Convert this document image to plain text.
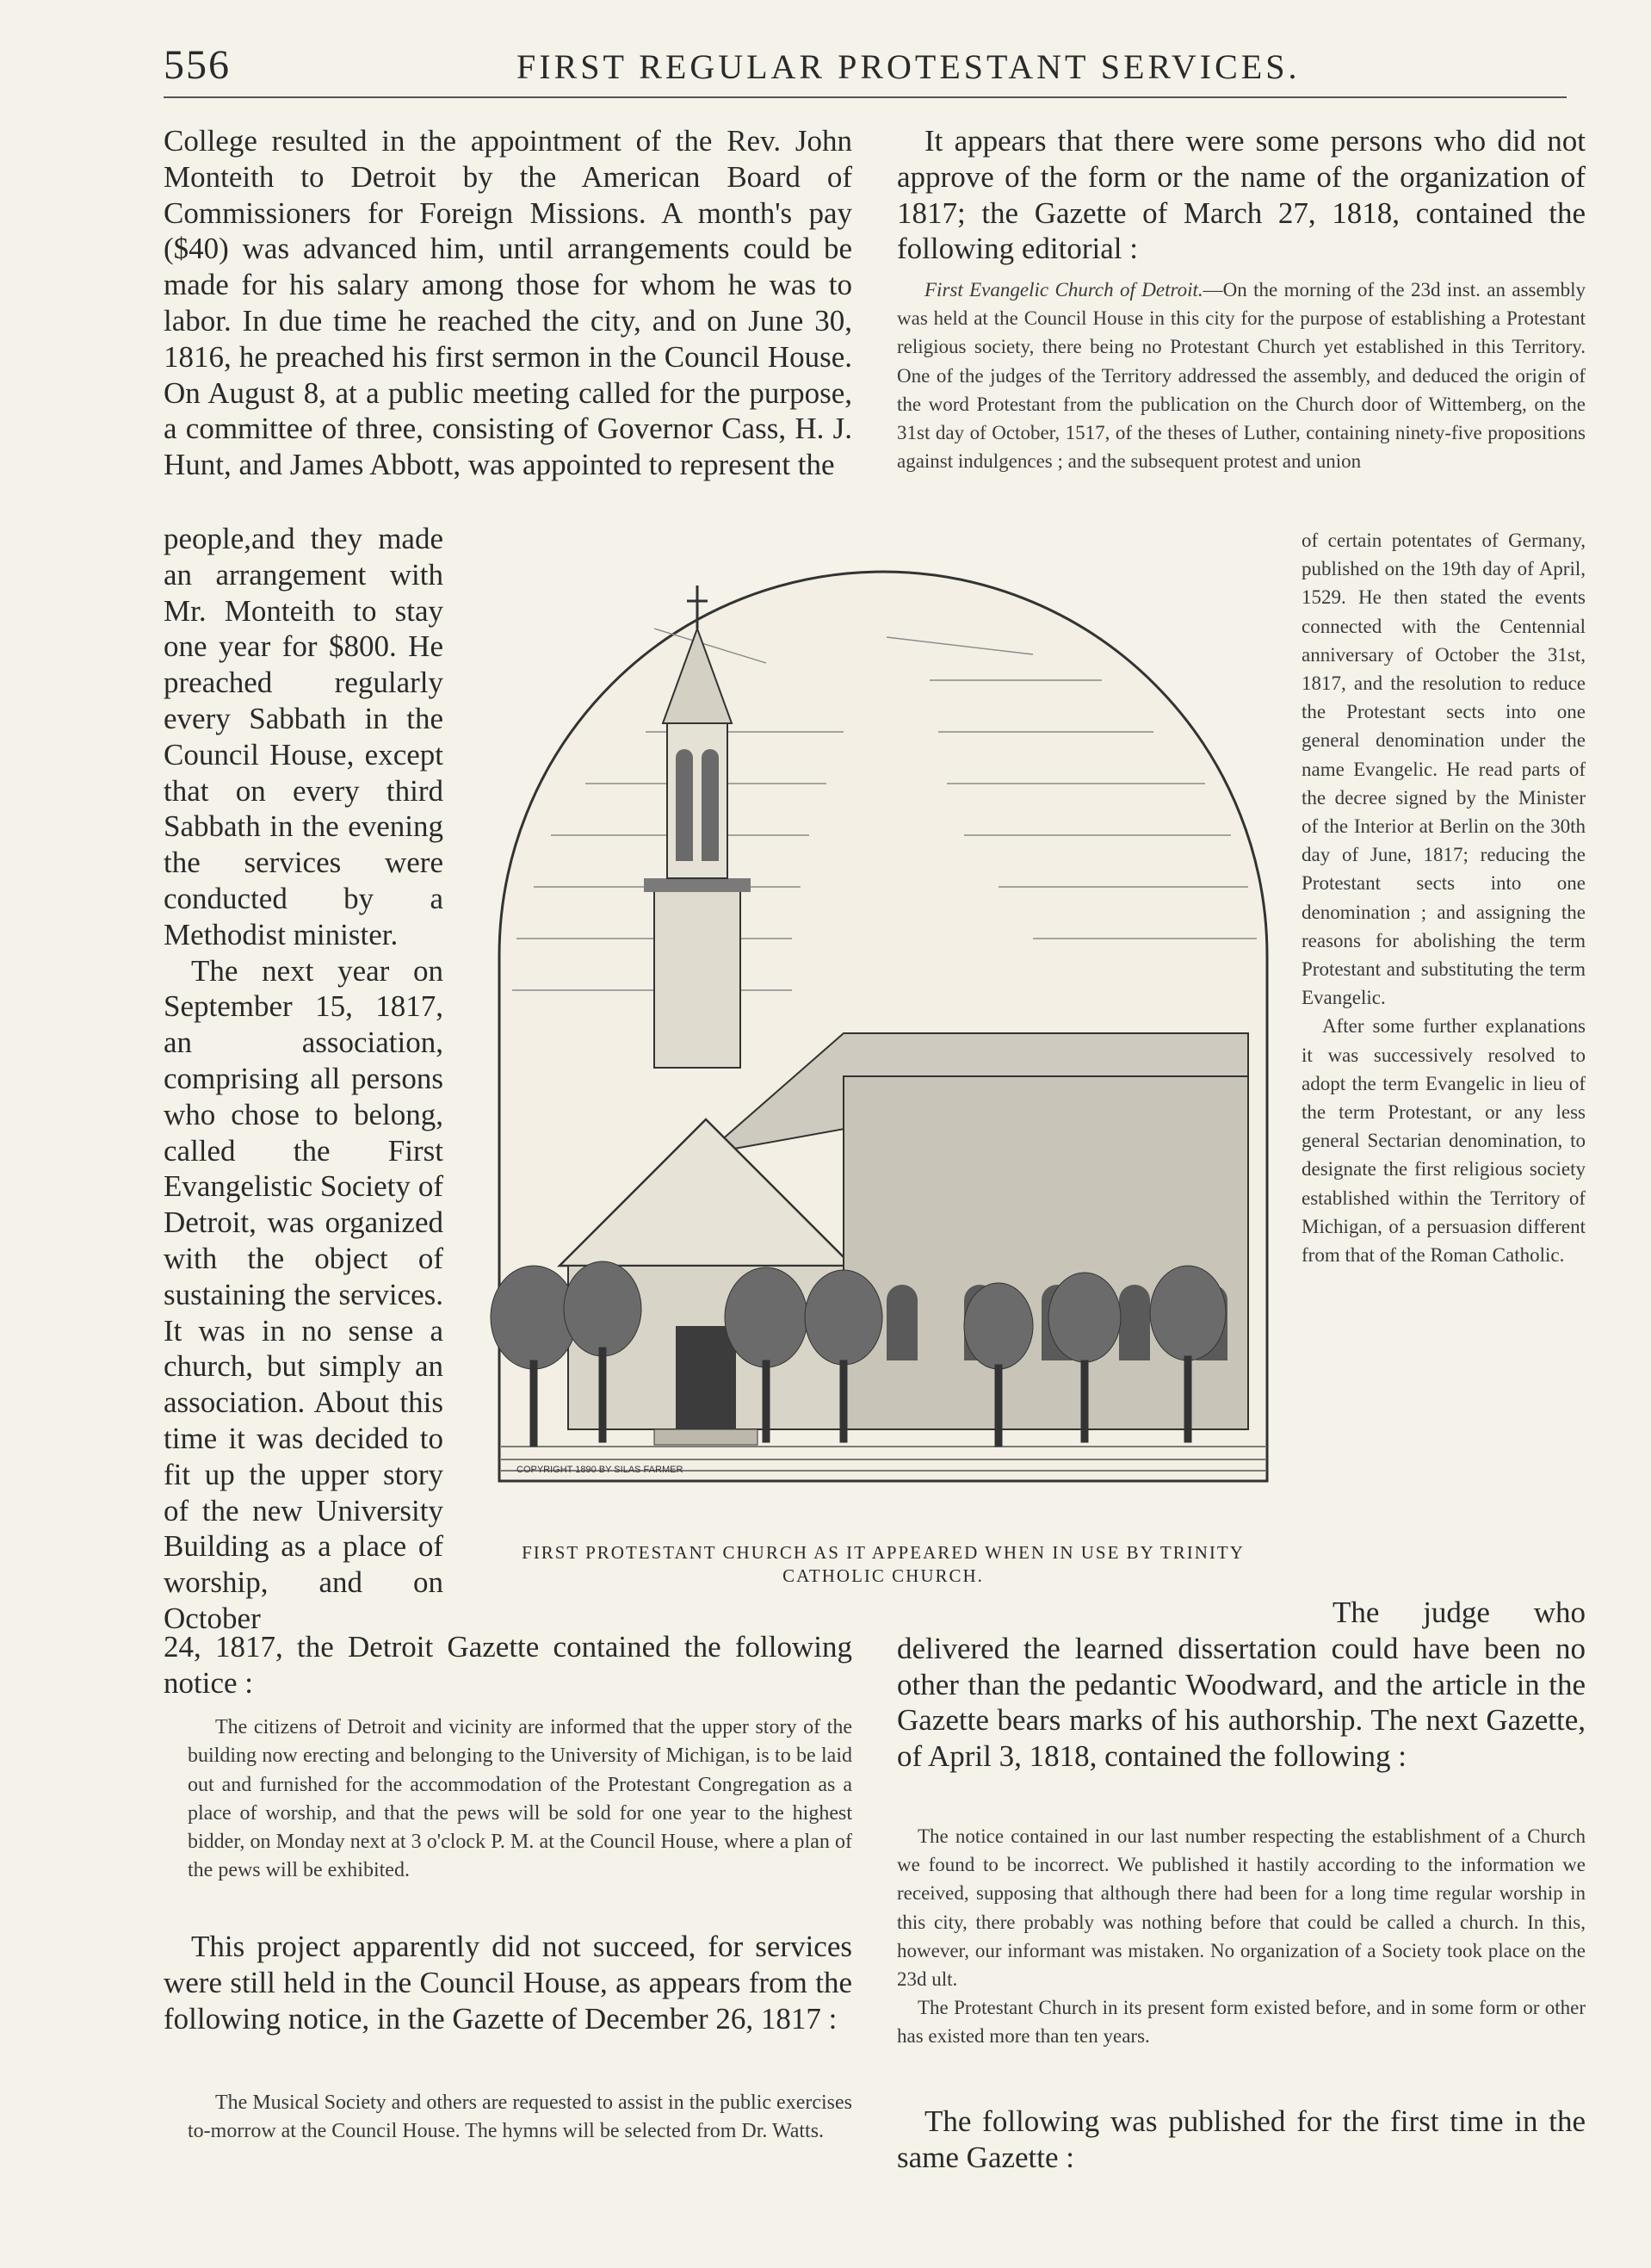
556	FIRST REGULAR PROTESTANT SERVICES.

College resulted in the appointment of the Rev. John Monteith to Detroit by the American Board of Commissioners for Foreign Missions. A month's pay ($40) was advanced him, until arrangements could be made for his salary among those for whom he was to labor. In due time he reached the city, and on June 30, 1816, he preached his first sermon in the Council House. On August 8, at a public meeting called for the purpose, a committee of three, consisting of Governor Cass, H. J. Hunt, and James Abbott, was appointed to represent the

people,and they made an arrangement with Mr. Monteith to stay one year for $800. He preached regularly every Sabbath in the Council House, except that on every third Sabbath in the evening the services were conducted by a Methodist minister.
The next year on September 15, 1817, an association, comprising all persons who chose to belong, called the First Evangelistic Society of Detroit, was organized with the object of sustaining the services. It was in no sense a church, but simply an association. About this time it was decided to fit up the upper story of the new University Building as a place of worship, and on October

24, 1817, the Detroit Gazette contained the following notice :

The citizens of Detroit and vicinity are informed that the upper story of the building now erecting and belonging to the University of Michigan, is to be laid out and furnished for the accommodation of the Protestant Congregation as a place of worship, and that the pews will be sold for one year to the highest bidder, on Monday next at 3 o'clock P. M. at the Council House, where a plan of the pews will be exhibited.

This project apparently did not succeed, for services were still held in the Council House, as appears from the following notice, in the Gazette of December 26, 1817 :

The Musical Society and others are requested to assist in the public exercises to-morrow at the Council House. The hymns will be selected from Dr. Watts.

It appears that there were some persons who did not approve of the form or the name of the organization of 1817; the Gazette of March 27, 1818, contained the following editorial :

First Evangelic Church of Detroit.—On the morning of the 23d inst. an assembly was held at the Council House in this city for the purpose of establishing a Protestant religious society, there being no Protestant Church yet established in this Territory. One of the judges of the Territory addressed the assembly, and deduced the origin of the word Protestant from the publication on the Church door of Wittemberg, on the 31st day of October, 1517, of the theses of Luther, containing ninety-five propositions against indulgences ; and the subsequent protest and union

of certain potentates of Germany, published on the 19th day of April, 1529. He then stated the events connected with the Centennial anniversary of October the 31st, 1817, and the resolution to reduce the Protestant sects into one general denomination under the name Evangelic. He read parts of the decree signed by the Minister of the Interior at Berlin on the 30th day of June, 1817; reducing the Protestant sects into one denomination ; and assigning the reasons for abolishing the term Protestant and substituting the term Evangelic.
After some further explanations it was successively resolved to adopt the term Evangelic in lieu of the term Protestant, or any less general Sectarian denomination, to designate the first religious society established within the Territory of Michigan, of a persuasion different from that of the Roman Catholic.

The judge who delivered the learned dissertation could have been no other than the pedantic Woodward, and the article in the Gazette bears marks of his authorship. The next Gazette, of April 3, 1818, contained the following :

The notice contained in our last number respecting the establishment of a Church we found to be incorrect. We published it hastily according to the information we received, supposing that although there had been for a long time regular worship in this city, there probably was nothing before that could be called a church. In this, however, our informant was mistaken. No organization of a Society took place on the 23d ult.
The Protestant Church in its present form existed before, and in some form or other has existed more than ten years.

The following was published for the first time in the same Gazette :

COPYRIGHT 1890 BY SILAS FARMER
FIRST PROTESTANT CHURCH AS IT APPEARED WHEN IN USE BY TRINITY CATHOLIC CHURCH.
